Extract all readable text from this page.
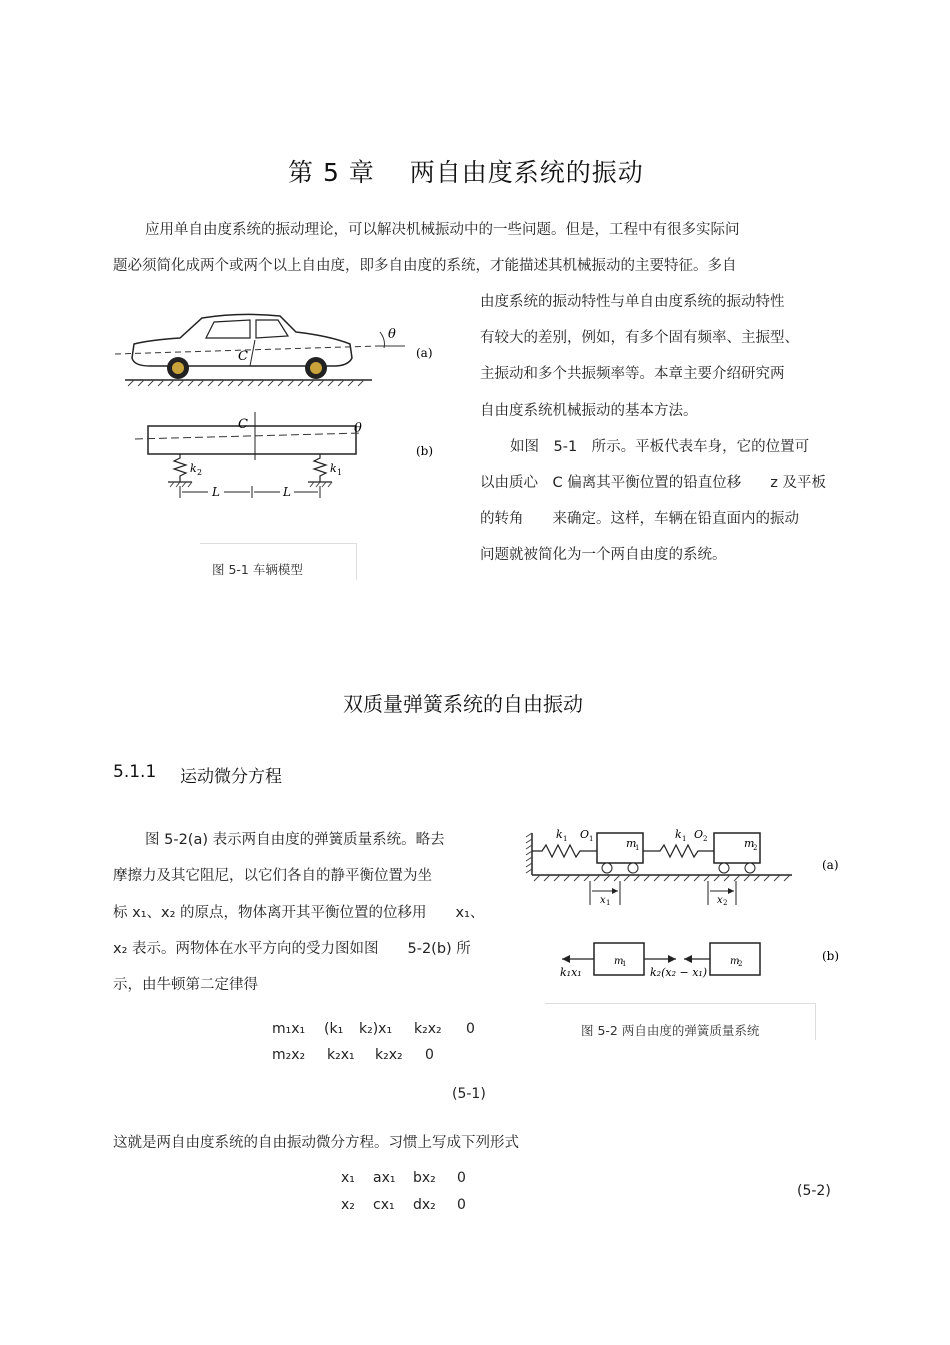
第 5 章　 两自由度系统的振动
应用单自由度系统的振动理论，可以解决机械振动中的一些问题。但是，工程中有很多实际问
题必须简化成两个或两个以上自由度，即多自由度的系统，才能描述其机械振动的主要特征。多自
由度系统的振动特性与单自由度系统的振动特性
有较大的差别，例如，有多个固有频率、主振型、
主振动和多个共振频率等。本章主要介绍研究两
自由度系统机械振动的基本方法。
如图　5-1　所示。平板代表车身，它的位置可
以由质心　C 偏离其平衡位置的铅直位移　　z 及平板
的转角　　来确定。这样，车辆在铅直面内的振动
问题就被简化为一个两自由度的系统。
C
θ
(a)
C	θ
(b)
k 2	k 1
L	L
图 5-1 车辆模型
双质量弹簧系统的自由振动
5.1.1 运动微分方程
图 5-2(a) 表示两自由度的弹簧质量系统。略去
摩擦力及其它阻尼，以它们各自的静平衡位置为坐
标 x₁、x₂ 的原点，物体离开其平衡位置的位移用　　x₁、
x₂ 表示。两物体在水平方向的受力图如图　　5-2(b) 所
示，由牛顿第二定律得
k 1 O 1	k 1 O 2
m
1	m
2
(a)
x 1	x 2
m
1	m
2
k₁x₁	k₂(x₂ − x₁)
(b)
图 5-2 两自由度的弹簧质量系统
m₁x₁ (k₁ k₂)x₁ k₂x₂ 0
m₂x₂ k₂x₁ k₂x₂ 0
(5-1)
这就是两自由度系统的自由振动微分方程。习惯上写成下列形式
x₁ ax₁ bx₂ 0
x₂ cx₁ dx₂ 0
(5-2)
